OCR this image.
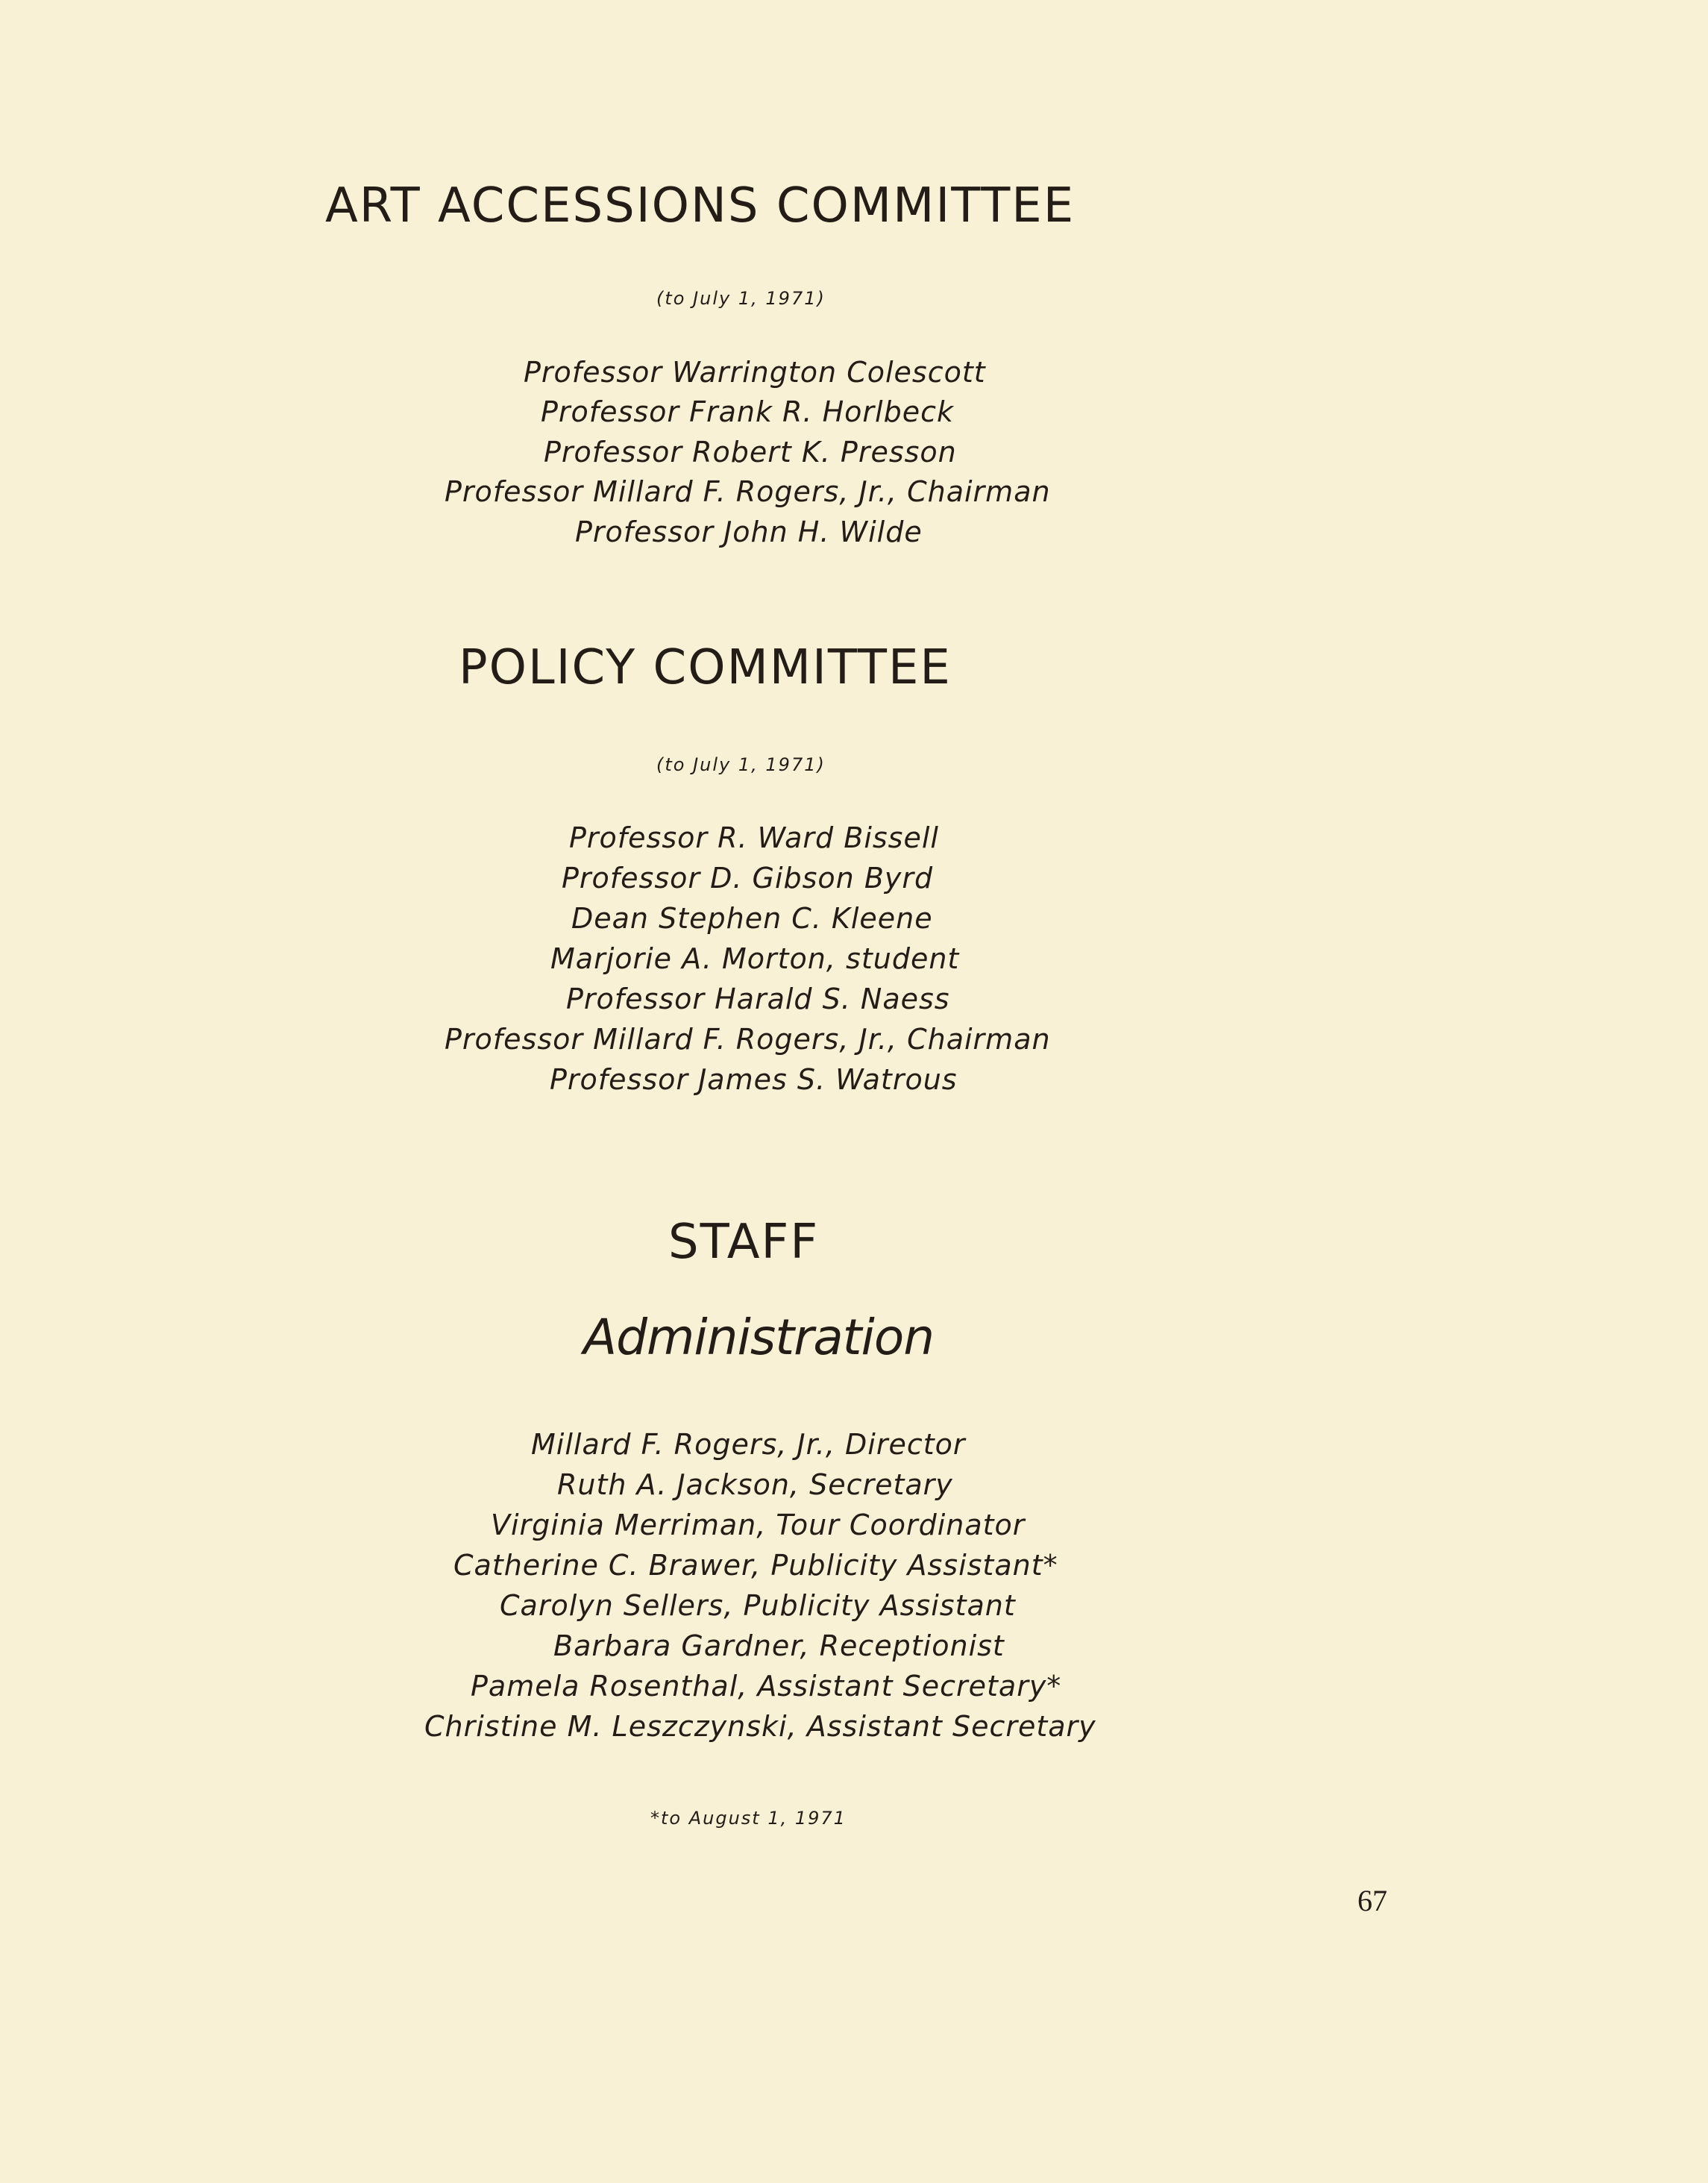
ART ACCESSIONS COMMITTEE
(to July 1, 1971)
Professor Warrington Colescott
Professor Frank R. Horlbeck
Professor Robert K. Presson
Professor Millard F. Rogers, Jr., Chairman
Professor John H. Wilde
POLICY COMMITTEE
(to July 1, 1971)
Professor R. Ward Bissell
Professor D. Gibson Byrd
Dean Stephen C. Kleene
Marjorie A. Morton, student
Professor Harald S. Naess
Professor Millard F. Rogers, Jr., Chairman
Professor James S. Watrous
STAFF
Administration
Millard F. Rogers, Jr., Director
Ruth A. Jackson, Secretary
Virginia Merriman, Tour Coordinator
Catherine C. Brawer, Publicity Assistant*
Carolyn Sellers, Publicity Assistant
Barbara Gardner, Receptionist
Pamela Rosenthal, Assistant Secretary*
Christine M. Leszczynski, Assistant Secretary
*to August 1, 1971
67
